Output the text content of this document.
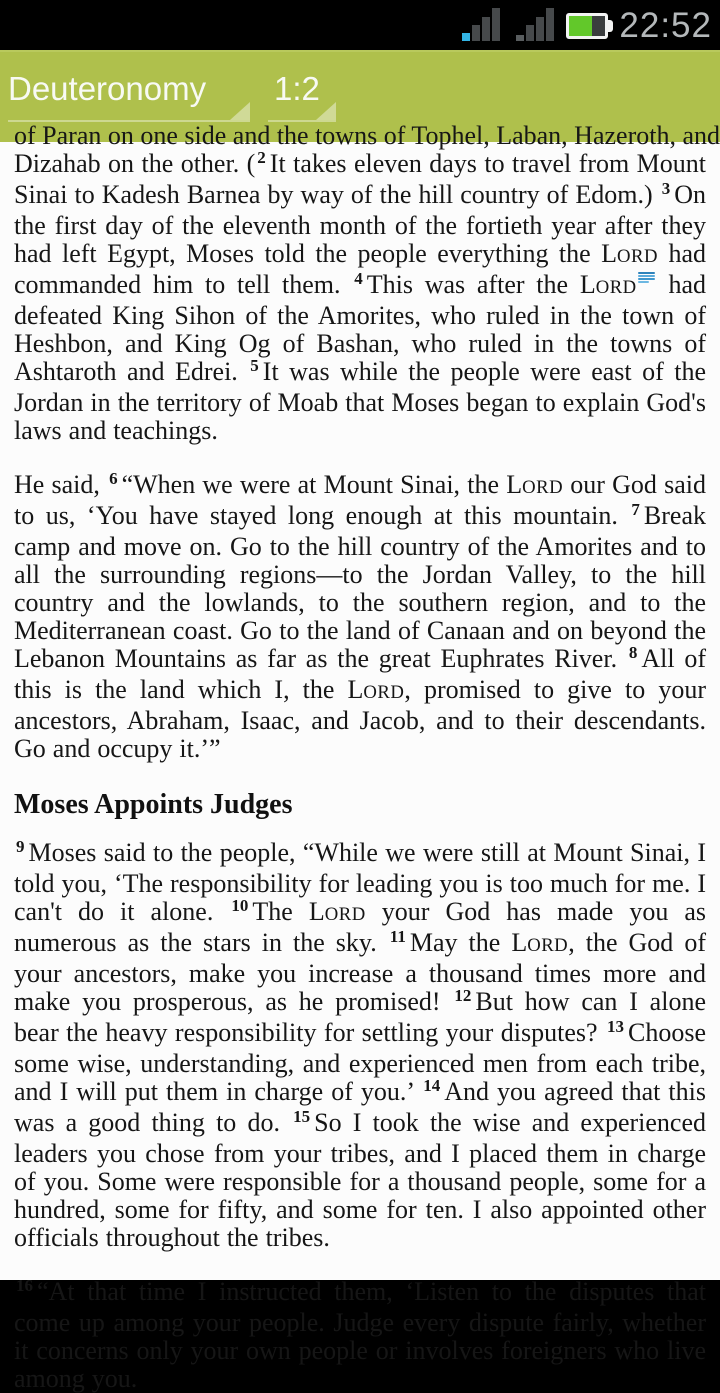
22:52
Deuteronomy	1:2
of Paran on one side and the towns of Tophel, Laban, Hazeroth, and

Dizahab on the other. ( $^2$ It takes eleven days to travel from Mount Sinai to Kadesh Barnea by way of the hill country of Edom.) $^3$ On the first day of the eleventh month of the fortieth year after they had left Egypt, Moses told the people everything the LORD had commanded him to tell them. $^4$ This was after the LORD
had defeated King Sihon of the Amorites, who ruled in the town of Heshbon, and King Og of Bashan, who ruled in the towns of Ashtaroth and Edrei. $^5$ It was while the people were east of the Jordan in the territory of Moab that Moses began to explain God's laws and teachings.

He said, $^6$ “When we were at Mount Sinai, the LORD our God said to us, ‘You have stayed long enough at this mountain. $^7$ Break camp and move on. Go to the hill country of the Amorites and to all the surrounding regions—to the Jordan Valley, to the hill country and the lowlands, to the southern region, and to the Mediterranean coast. Go to the land of Canaan and on beyond the Lebanon Mountains as far as the great Euphrates River. $^8$ All of this is the land which I, the LORD, promised to give to your ancestors, Abraham, Isaac, and Jacob, and to their descendants. Go and occupy it.’”

Moses Appoints Judges

$^9$ Moses said to the people, “While we were still at Mount Sinai, I told you, ‘The responsibility for leading you is too much for me. I can't do it alone. $^{10}$ The LORD your God has made you as numerous as the stars in the sky. $^{11}$ May the LORD, the God of your ancestors, make you increase a thousand times more and make you prosperous, as he promised! $^{12}$ But how can I alone bear the heavy responsibility for settling your disputes? $^{13}$ Choose some wise, understanding, and experienced men from each tribe, and I will put them in charge of you.’ $^{14}$ And you agreed that this was a good thing to do. $^{15}$ So I took the wise and experienced leaders you chose from your tribes, and I placed them in charge of you. Some were responsible for a thousand people, some for a hundred, some for fifty, and some for ten. I also appointed other officials throughout the tribes.

$^{16}$ “At that time I instructed them, ‘Listen to the disputes that come up among your people. Judge every dispute fairly, whether it concerns only your own people or involves foreigners who live among you.
